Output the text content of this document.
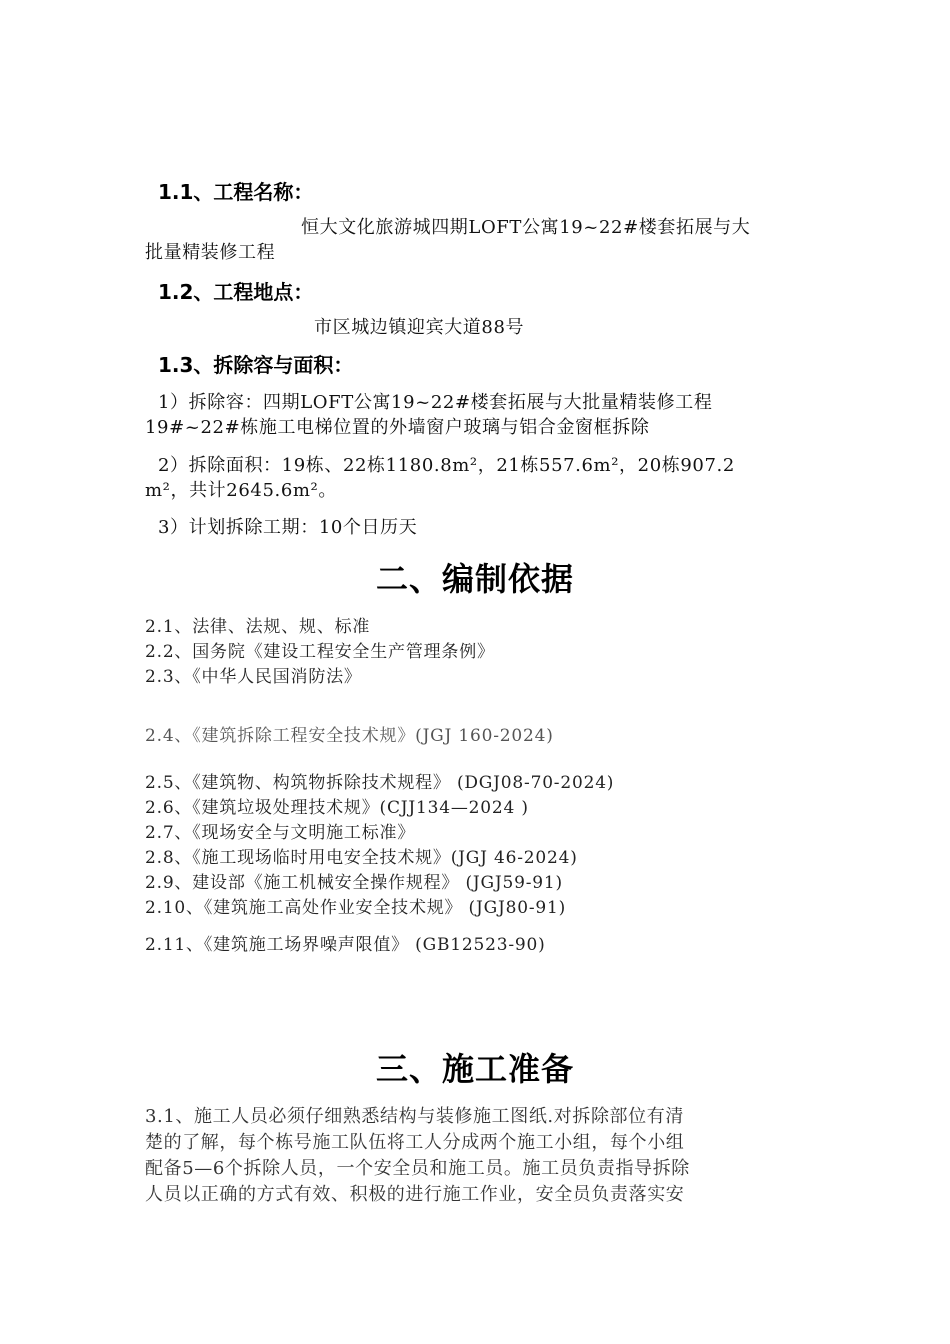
1.1、工程名称：
恒大文化旅游城四期LOFT公寓19~22#楼套拓展与大
批量精装修工程
1.2、工程地点：
市区城边镇迎宾大道88号
1.3、拆除容与面积：
1）拆除容：四期LOFT公寓19~22#楼套拓展与大批量精装修工程
19#~22#栋施工电梯位置的外墙窗户玻璃与铝合金窗框拆除
2）拆除面积：19栋、22栋1180.8m²，21栋557.6m²，20栋907.2
m²，共计2645.6m²。
3）计划拆除工期：10个日历天
二、编制依据
2.1、法律、法规、规、标准
2.2、国务院《建设工程安全生产管理条例》
2.3、《中华人民国消防法》
2.4、《建筑拆除工程安全技术规》(JGJ 160-2024)
2.5、《建筑物、构筑物拆除技术规程》 (DGJ08-70-2024)
2.6、《建筑垃圾处理技术规》(CJJ134—2024 )
2.7、《现场安全与文明施工标准》
2.8、《施工现场临时用电安全技术规》(JGJ 46-2024)
2.9、建设部《施工机械安全操作规程》 (JGJ59-91)
2.10、《建筑施工高处作业安全技术规》 (JGJ80-91)
2.11、《建筑施工场界噪声限值》 (GB12523-90)
三、施工准备
3.1、施工人员必须仔细熟悉结构与装修施工图纸.对拆除部位有清
楚的了解，每个栋号施工队伍将工人分成两个施工小组，每个小组
配备5—6个拆除人员，一个安全员和施工员。施工员负责指导拆除
人员以正确的方式有效、积极的进行施工作业，安全员负责落实安
